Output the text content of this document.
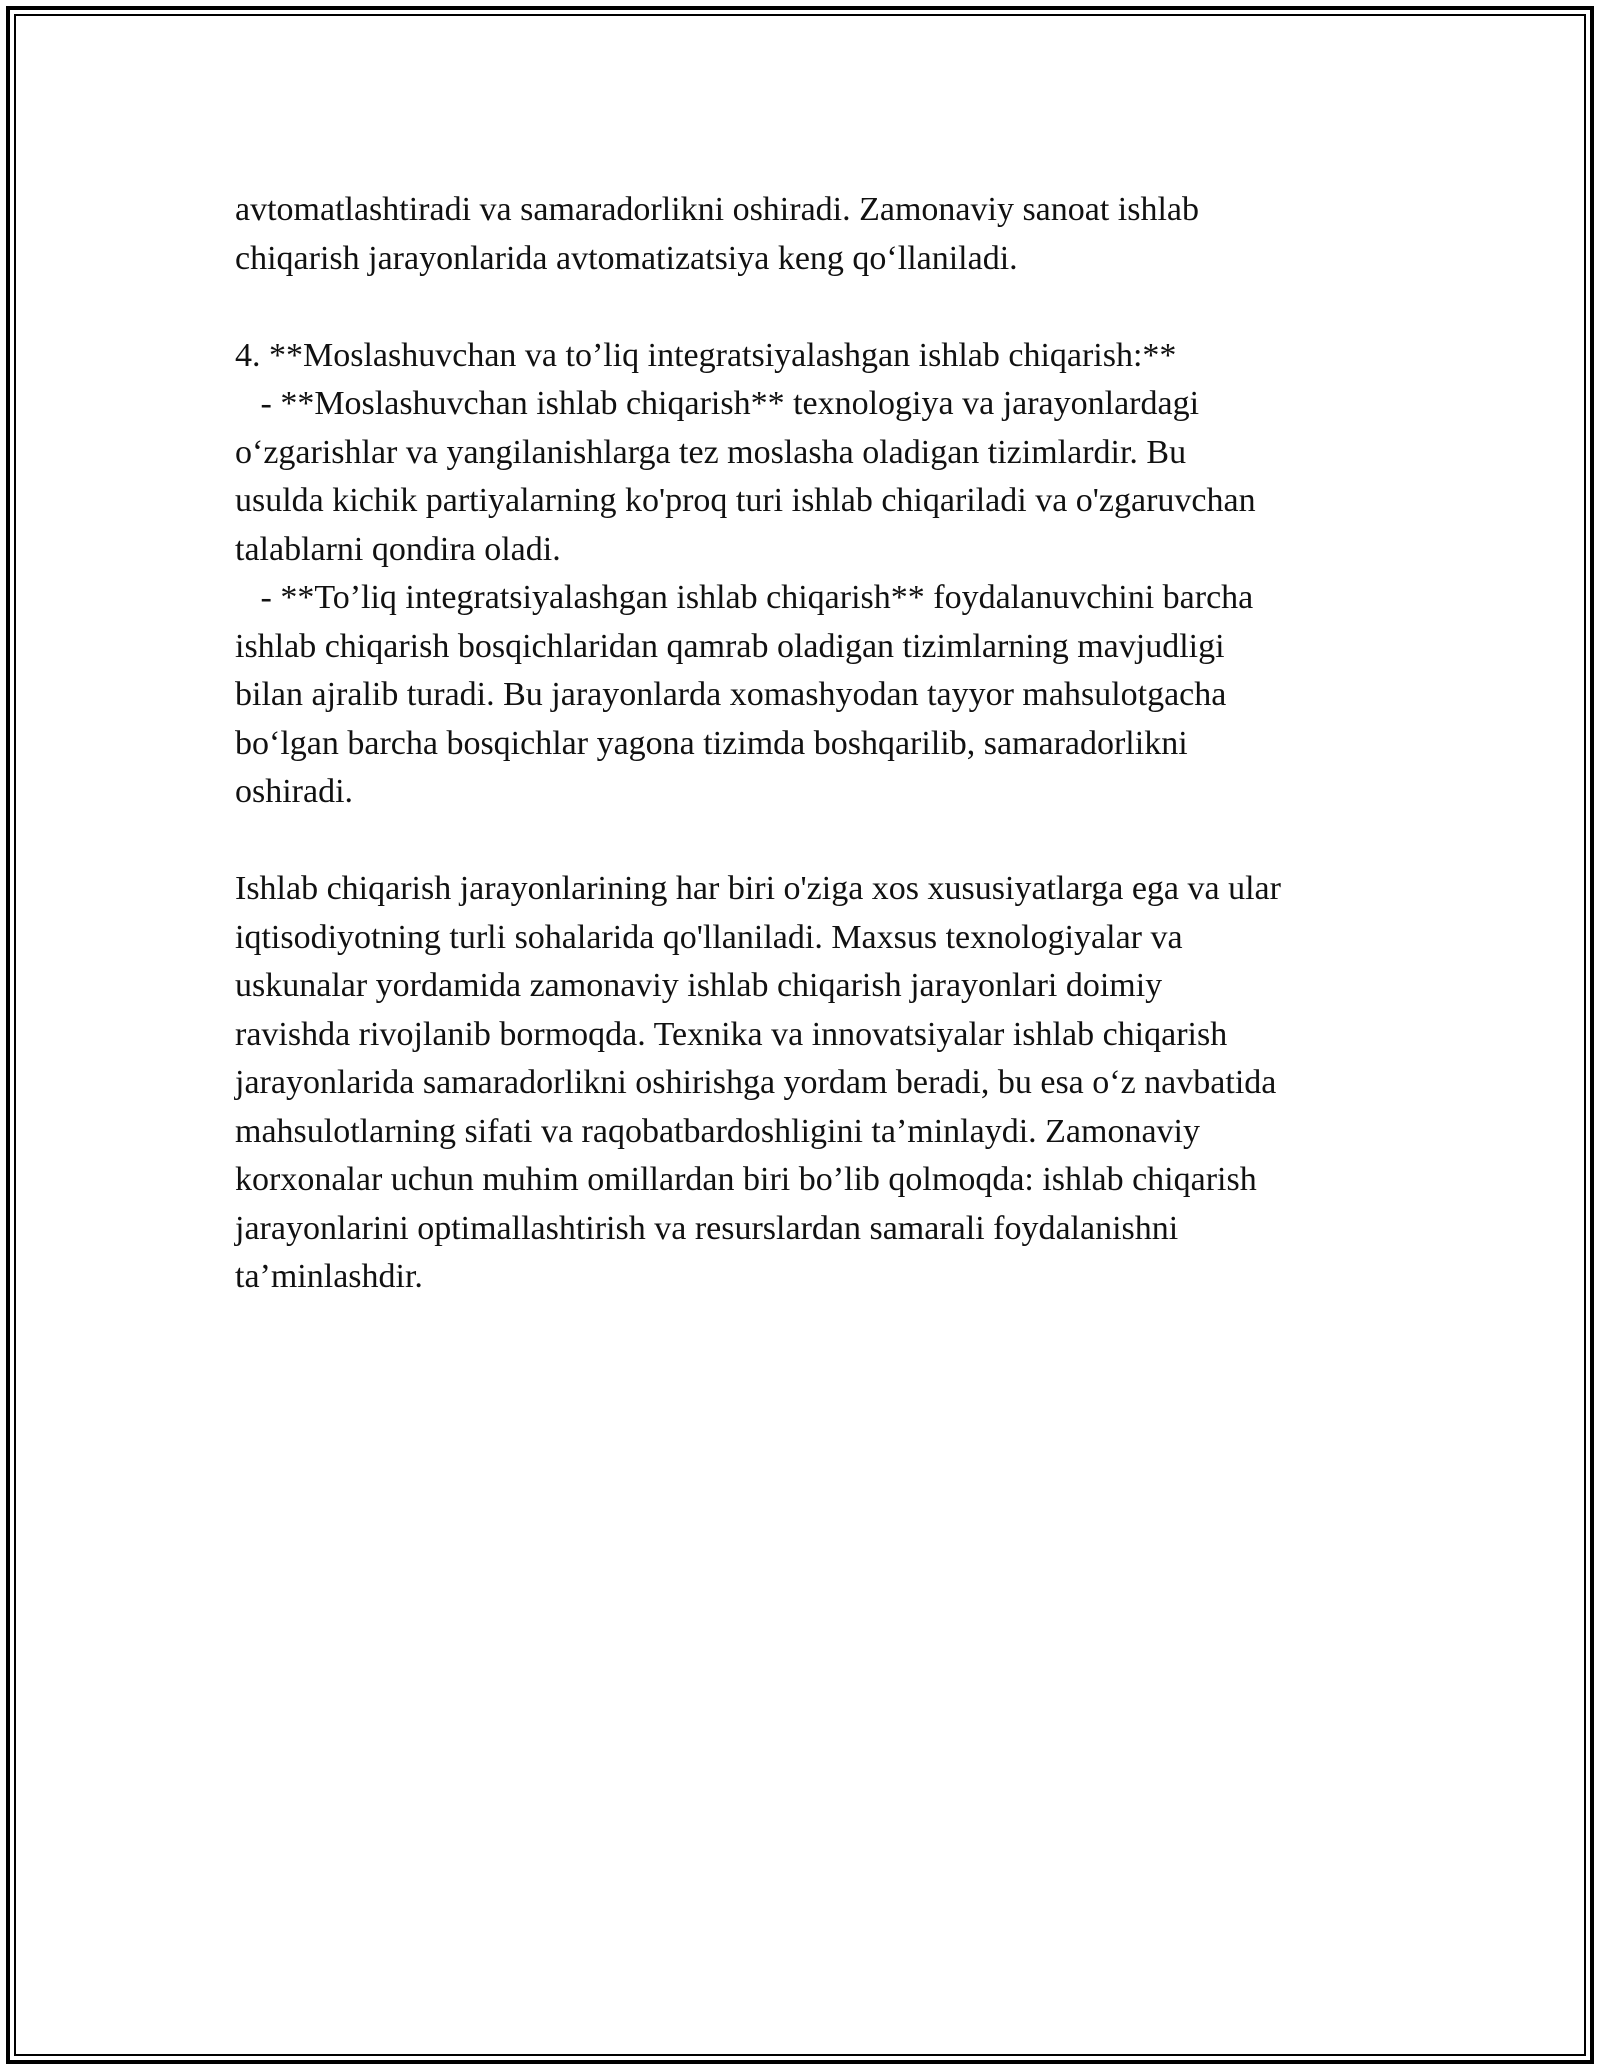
avtomatlashtiradi va samaradorlikni oshiradi. Zamonaviy sanoat ishlab
chiqarish jarayonlarida avtomatizatsiya keng qo‘llaniladi.
4. **Moslashuvchan va to’liq integratsiyalashgan ishlab chiqarish:**
- **Moslashuvchan ishlab chiqarish** texnologiya va jarayonlardagi
o‘zgarishlar va yangilanishlarga tez moslasha oladigan tizimlardir. Bu
usulda kichik partiyalarning ko'proq turi ishlab chiqariladi va o'zgaruvchan
talablarni qondira oladi.
- **To’liq integratsiyalashgan ishlab chiqarish** foydalanuvchini barcha
ishlab chiqarish bosqichlaridan qamrab oladigan tizimlarning mavjudligi
bilan ajralib turadi. Bu jarayonlarda xomashyodan tayyor mahsulotgacha
bo‘lgan barcha bosqichlar yagona tizimda boshqarilib, samaradorlikni
oshiradi.
Ishlab chiqarish jarayonlarining har biri o'ziga xos xususiyatlarga ega va ular
iqtisodiyotning turli sohalarida qo'llaniladi. Maxsus texnologiyalar va
uskunalar yordamida zamonaviy ishlab chiqarish jarayonlari doimiy
ravishda rivojlanib bormoqda. Texnika va innovatsiyalar ishlab chiqarish
jarayonlarida samaradorlikni oshirishga yordam beradi, bu esa o‘z navbatida
mahsulotlarning sifati va raqobatbardoshligini ta’minlaydi. Zamonaviy
korxonalar uchun muhim omillardan biri bo’lib qolmoqda: ishlab chiqarish
jarayonlarini optimallashtirish va resurslardan samarali foydalanishni
ta’minlashdir.
